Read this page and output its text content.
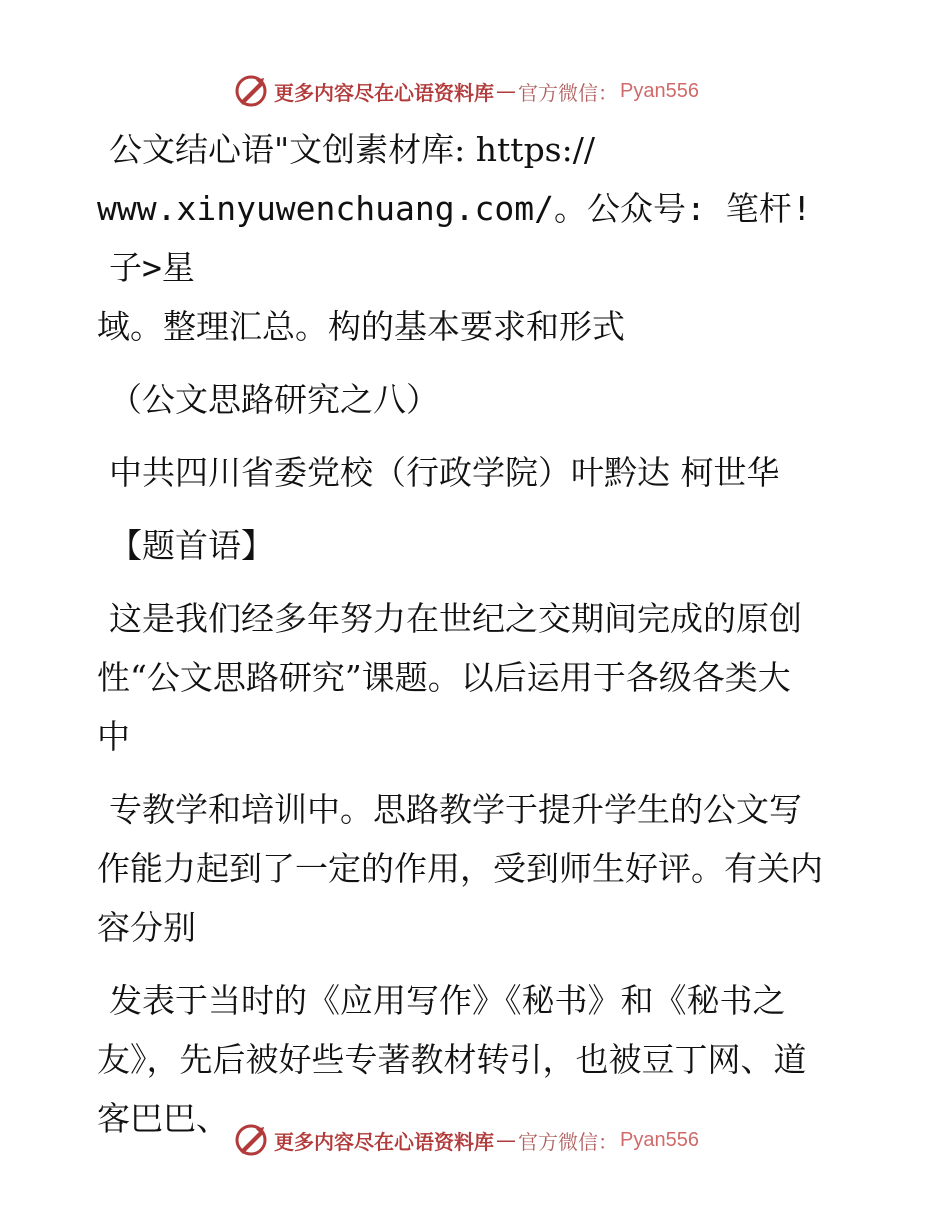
更多内容尽在心语资料库 — 官方微信： Pyan556

公文结心语"文创素材库: https://
www.xinyuwenchuang.com/。公众号: 笔杆! 子>星
域。整理汇总。构的基本要求和形式

（公文思路研究之八）

中共四川省委党校（行政学院）叶黔达 柯世华

【题首语】

这是我们经多年努力在世纪之交期间完成的原创
性“公文思路研究”课题。以后运用于各级各类大
中

专教学和培训中。思路教学于提升学生的公文写
作能力起到了一定的作用，受到师生好评。有关内
容分别

发表于当时的《应用写作》《秘书》和《秘书之
友》，先后被好些专著教材转引，也被豆丁网、道
客巴巴、

更多内容尽在心语资料库 — 官方微信： Pyan556
